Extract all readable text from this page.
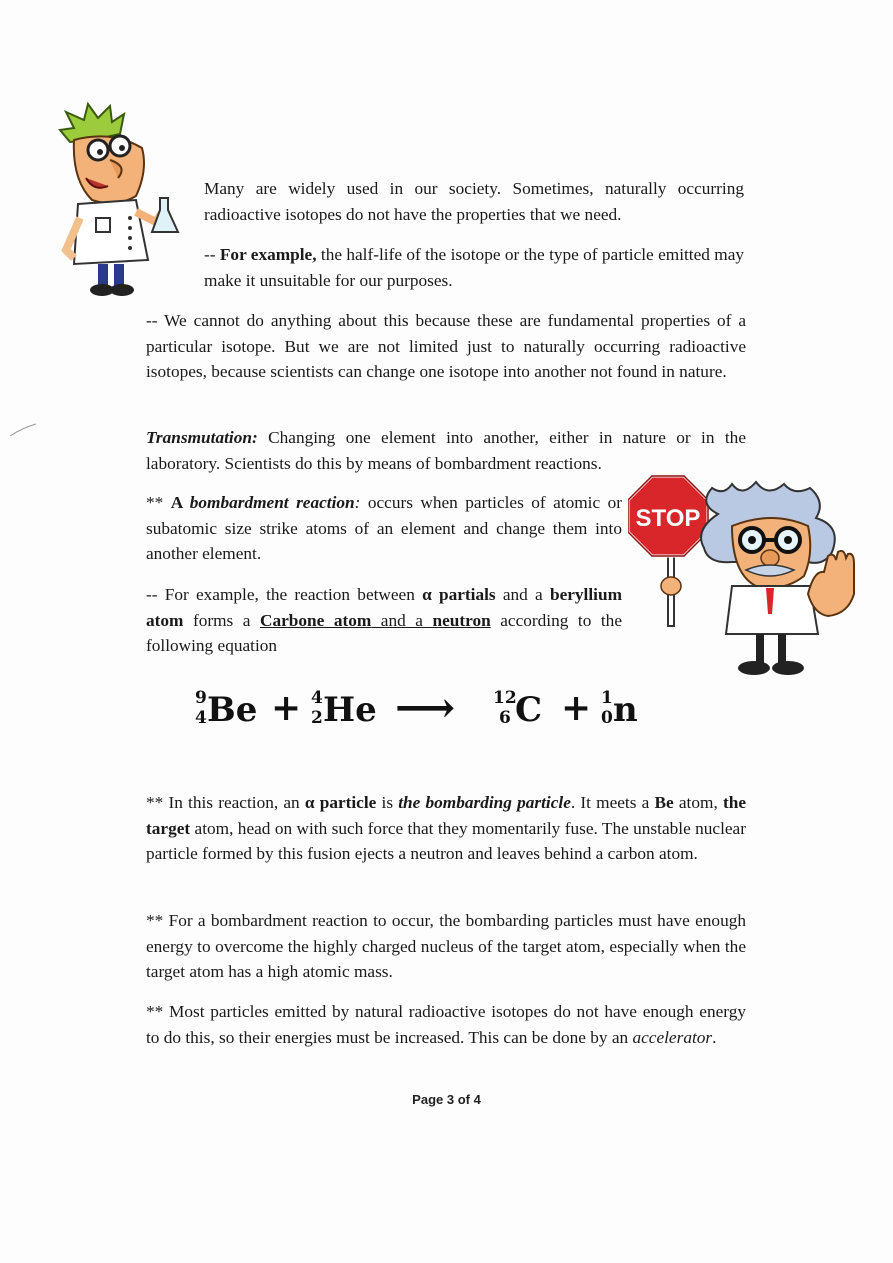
Many are widely used in our society. Sometimes, naturally occurring radioactive isotopes do not have the properties that we need.

-- For example, the half-life of the isotope or the type of particle emitted may make it unsuitable for our purposes.

-- We cannot do anything about this because these are fundamental properties of a particular isotope. But we are not limited just to naturally occurring radioactive isotopes, because scientists can change one isotope into another not found in nature.

Transmutation: Changing one element into another, either in nature or in the laboratory. Scientists do this by means of bombardment reactions.

** A bombardment reaction: occurs when particles of atomic or subatomic size strike atoms of an element and change them into another element.

-- For example, the reaction between α partials and a beryllium atom forms a Carbone atom and a neutron according to the following equation

STOP
9
4 Be + 4
2 He ⟶ 12
6 C + 1
0 n

** In this reaction, an α particle is the bombarding particle. It meets a Be atom, the target atom, head on with such force that they momentarily fuse. The unstable nuclear particle formed by this fusion ejects a neutron and leaves behind a carbon atom.

** For a bombardment reaction to occur, the bombarding particles must have enough energy to overcome the highly charged nucleus of the target atom, especially when the target atom has a high atomic mass.

** Most particles emitted by natural radioactive isotopes do not have enough energy to do this, so their energies must be increased. This can be done by an accelerator.

Page 3 of 4
